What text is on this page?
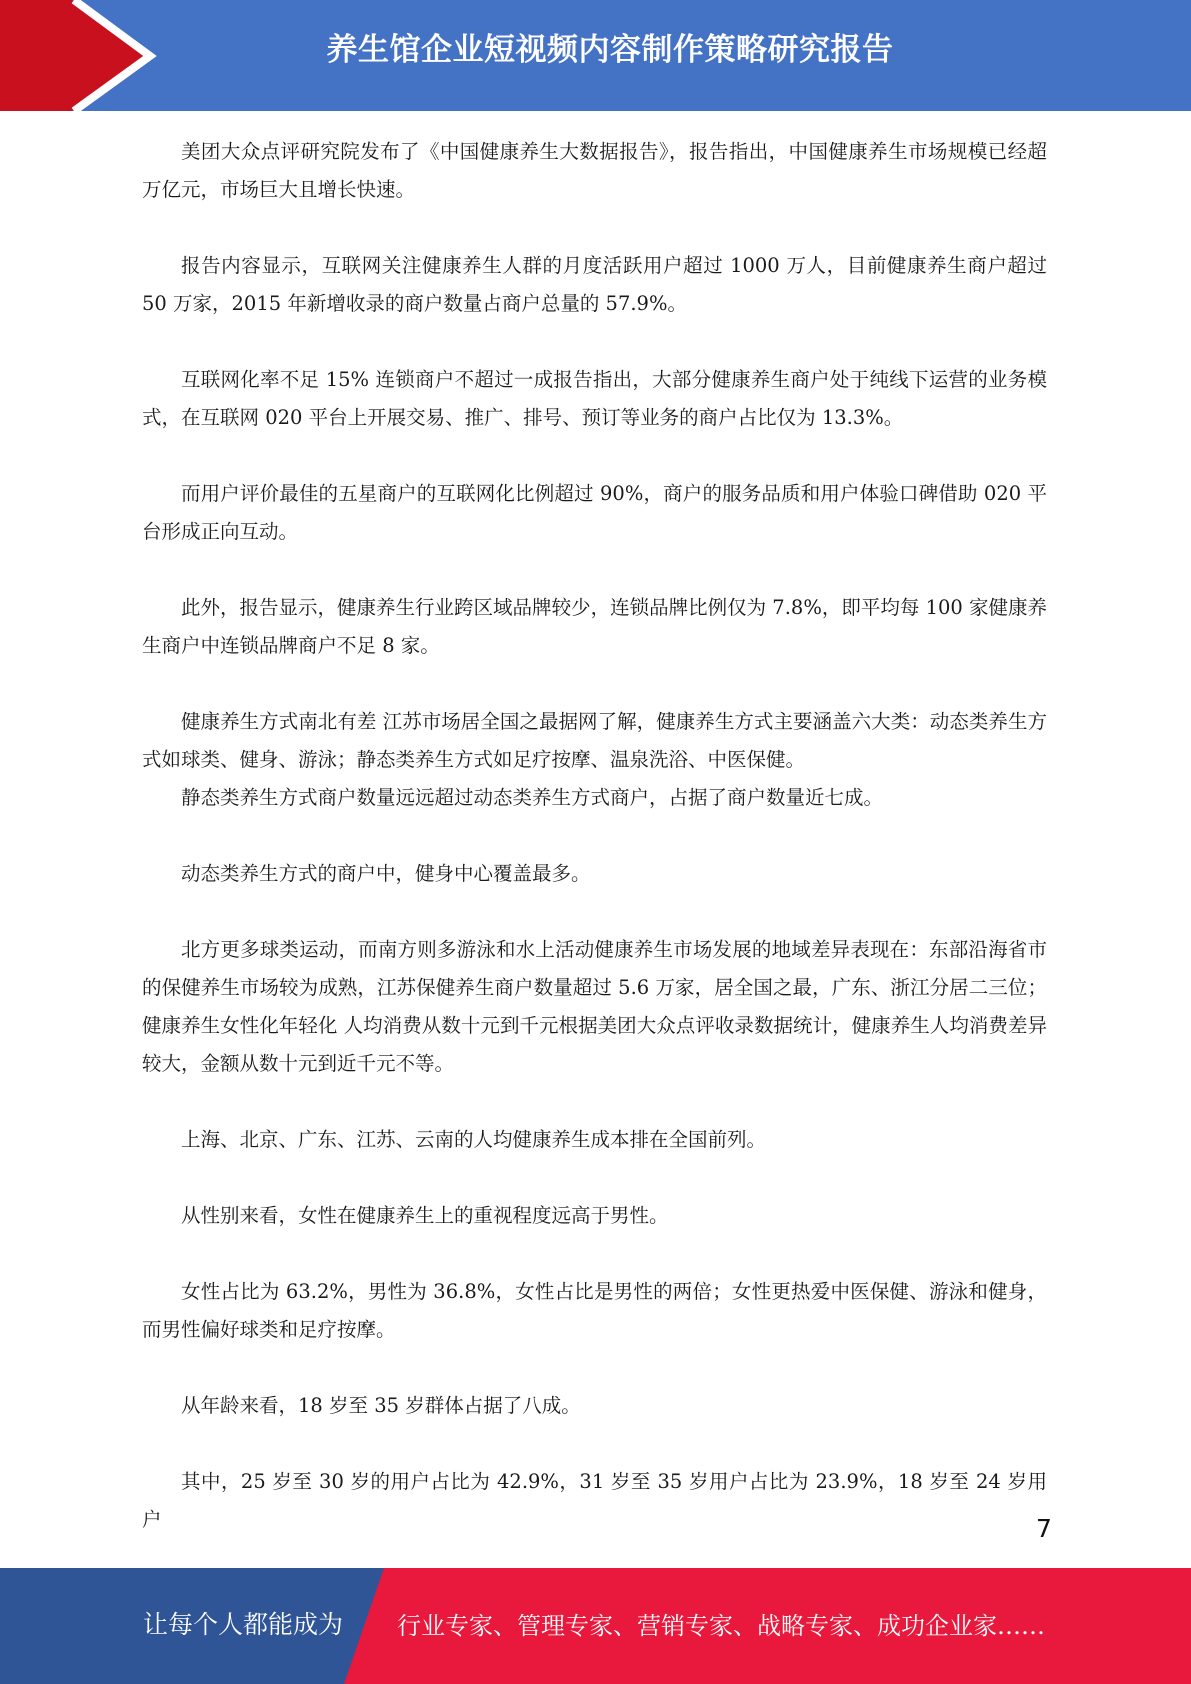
养生馆企业短视频内容制作策略研究报告

美团大众点评研究院发布了《中国健康养生大数据报告》，报告指出，中国健康养生市场规模已经超万亿元，市场巨大且增长快速。

报告内容显示，互联网关注健康养生人群的月度活跃用户超过 1000 万人，目前健康养生商户超过 50 万家，2015 年新增收录的商户数量占商户总量的 57.9%。

互联网化率不足 15% 连锁商户不超过一成报告指出，大部分健康养生商户处于纯线下运营的业务模式，在互联网 020 平台上开展交易、推广、排号、预订等业务的商户占比仅为 13.3%。

而用户评价最佳的五星商户的互联网化比例超过 90%，商户的服务品质和用户体验口碑借助 020 平台形成正向互动。

此外，报告显示，健康养生行业跨区域品牌较少，连锁品牌比例仅为 7.8%，即平均每 100 家健康养生商户中连锁品牌商户不足 8 家。

健康养生方式南北有差 江苏市场居全国之最据网了解，健康养生方式主要涵盖六大类：动态类养生方式如球类、健身、游泳；静态类养生方式如足疗按摩、温泉洗浴、中医保健。

静态类养生方式商户数量远远超过动态类养生方式商户，占据了商户数量近七成。

动态类养生方式的商户中，健身中心覆盖最多。

北方更多球类运动，而南方则多游泳和水上活动健康养生市场发展的地域差异表现在：东部沿海省市的保健养生市场较为成熟，江苏保健养生商户数量超过 5.6 万家，居全国之最，广东、浙江分居二三位；健康养生女性化年轻化 人均消费从数十元到千元根据美团大众点评收录数据统计，健康养生人均消费差异较大，金额从数十元到近千元不等。

上海、北京、广东、江苏、云南的人均健康养生成本排在全国前列。

从性别来看，女性在健康养生上的重视程度远高于男性。

女性占比为 63.2%，男性为 36.8%，女性占比是男性的两倍；女性更热爱中医保健、游泳和健身，而男性偏好球类和足疗按摩。

从年龄来看，18 岁至 35 岁群体占据了八成。

其中，25 岁至 30 岁的用户占比为 42.9%，31 岁至 35 岁用户占比为 23.9%，18 岁至 24 岁用户	7
让每个人都能成为 行业专家、管理专家、营销专家、战略专家、成功企业家……
